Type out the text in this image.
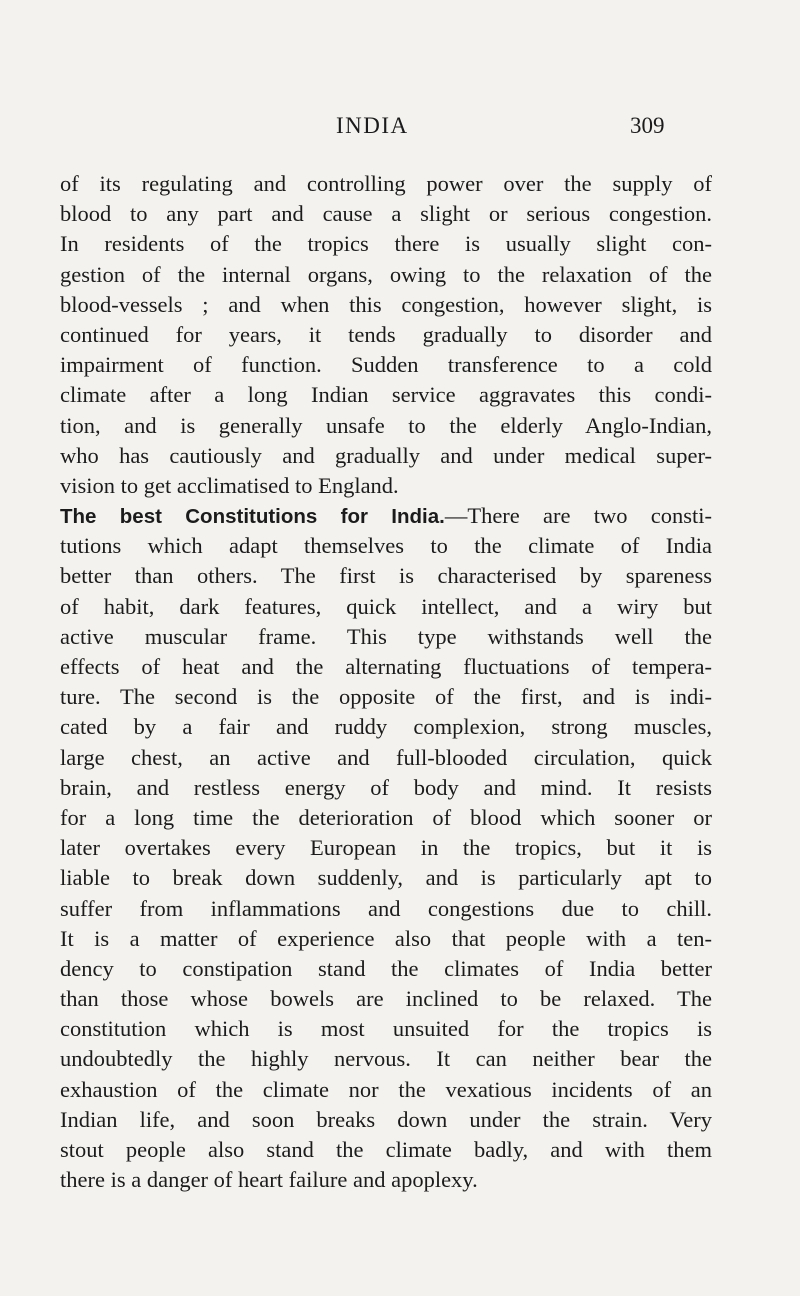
INDIA	309
of its regulating and controlling power over the supply of
blood to any part and cause a slight or serious congestion.
In residents of the tropics there is usually slight con-
gestion of the internal organs, owing to the relaxation of the
blood-vessels ; and when this congestion, however slight, is
continued for years, it tends gradually to disorder and
impairment of function. Sudden transference to a cold
climate after a long Indian service aggravates this condi-
tion, and is generally unsafe to the elderly Anglo-Indian,
who has cautiously and gradually and under medical super-
vision to get acclimatised to England.
The best Constitutions for India.—There are two consti-
tutions which adapt themselves to the climate of India
better than others. The first is characterised by spareness
of habit, dark features, quick intellect, and a wiry but
active muscular frame. This type withstands well the
effects of heat and the alternating fluctuations of tempera-
ture. The second is the opposite of the first, and is indi-
cated by a fair and ruddy complexion, strong muscles,
large chest, an active and full-blooded circulation, quick
brain, and restless energy of body and mind. It resists
for a long time the deterioration of blood which sooner or
later overtakes every European in the tropics, but it is
liable to break down suddenly, and is particularly apt to
suffer from inflammations and congestions due to chill.
It is a matter of experience also that people with a ten-
dency to constipation stand the climates of India better
than those whose bowels are inclined to be relaxed. The
constitution which is most unsuited for the tropics is
undoubtedly the highly nervous. It can neither bear the
exhaustion of the climate nor the vexatious incidents of an
Indian life, and soon breaks down under the strain. Very
stout people also stand the climate badly, and with them
there is a danger of heart failure and apoplexy.
